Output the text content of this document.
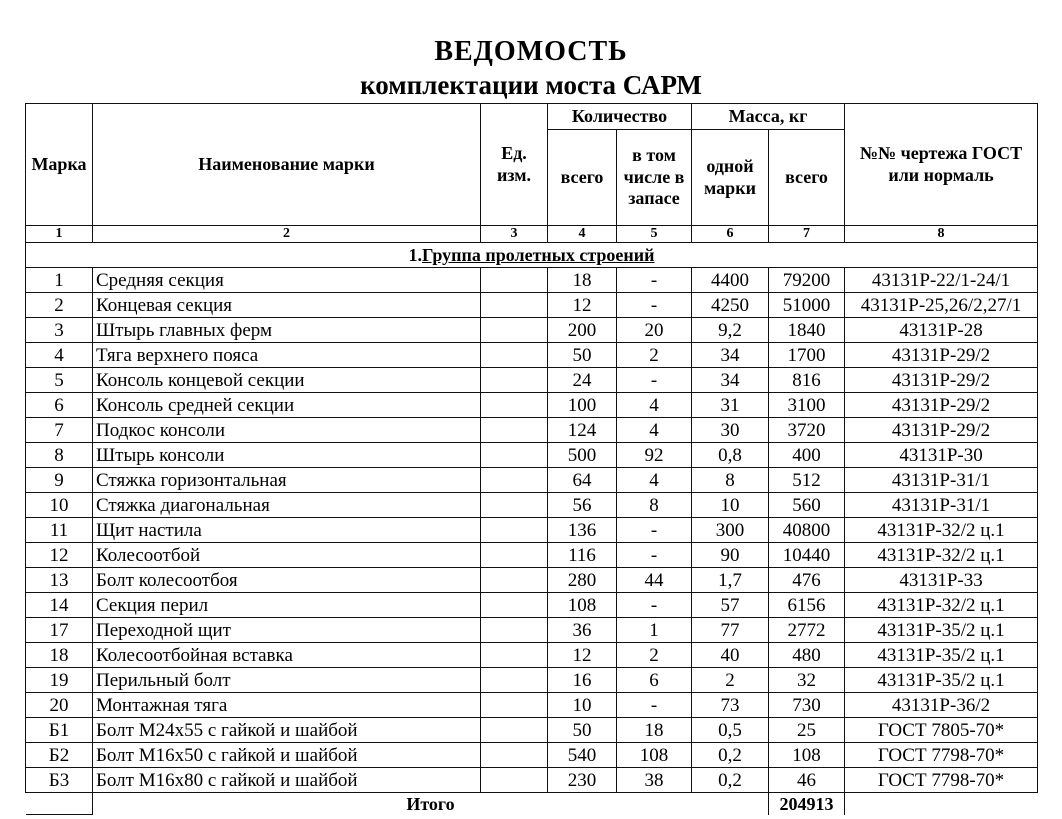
ВЕДОМОСТЬ
комплектации моста САРМ
Марка	Наименование марки	Ед. изм.	Количество		Масса, кг		№№ чертежа ГОСТ или нормаль
			всего	в том числе в запасе	одной марки	всего	
1	2	3	4	5	6	7	8
1.Группа пролетных строений							
1	Средняя секция		18	-	4400	79200	43131Р-22/1-24/1
2	Концевая секция		12	-	4250	51000	43131Р-25,26/2,27/1
3	Штырь главных ферм		200	20	9,2	1840	43131Р-28
4	Тяга верхнего пояса		50	2	34	1700	43131Р-29/2
5	Консоль концевой секции		24	-	34	816	43131Р-29/2
6	Консоль средней секции		100	4	31	3100	43131Р-29/2
7	Подкос консоли		124	4	30	3720	43131Р-29/2
8	Штырь консоли		500	92	0,8	400	43131Р-30
9	Стяжка горизонтальная		64	4	8	512	43131Р-31/1
10	Стяжка диагональная		56	8	10	560	43131Р-31/1
11	Щит настила		136	-	300	40800	43131Р-32/2 ц.1
12	Колесоотбой		116	-	90	10440	43131Р-32/2 ц.1
13	Болт колесоотбоя		280	44	1,7	476	43131Р-33
14	Секция перил		108	-	57	6156	43131Р-32/2 ц.1
17	Переходной щит		36	1	77	2772	43131Р-35/2 ц.1
18	Колесоотбойная вставка		12	2	40	480	43131Р-35/2 ц.1
19	Перильный болт		16	6	2	32	43131Р-35/2 ц.1
20	Монтажная тяга		10	-	73	730	43131Р-36/2
Б1	Болт М24х55 с гайкой и шайбой		50	18	0,5	25	ГОСТ 7805-70*
Б2	Болт М16х50 с гайкой и шайбой		540	108	0,2	108	ГОСТ 7798-70*
Б3	Болт М16х80 с гайкой и шайбой		230	38	0,2	46	ГОСТ 7798-70*
	Итого					204913	
